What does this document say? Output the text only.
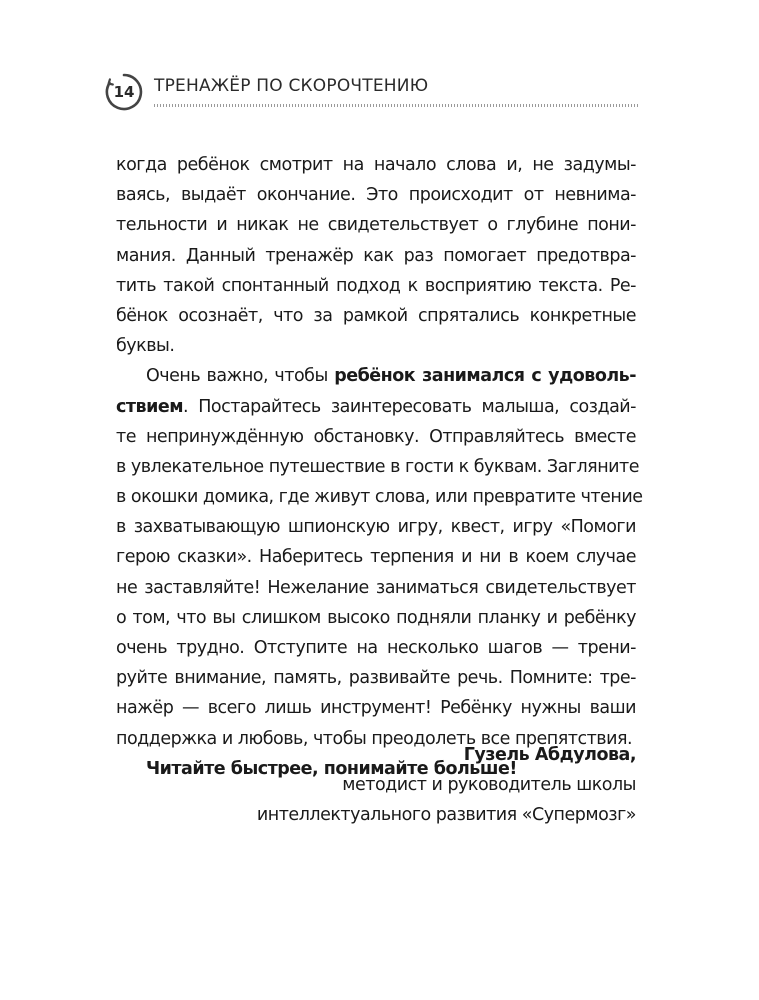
14	ТРЕНАЖЁР ПО СКОРОЧТЕНИЮ
когда ребёнок смотрит на начало слова и, не задумы-
ваясь, выдаёт окончание. Это происходит от невнима-
тельности и никак не свидетельствует о глубине пони-
мания. Данный тренажёр как раз помогает предотвра-
тить такой спонтанный подход к восприятию текста. Ре-
бёнок осознаёт, что за рамкой спрятались конкретные
буквы.
Очень важно, чтобы ребёнок занимался с удоволь-
ствием. Постарайтесь заинтересовать малыша, создай-
те непринуждённую обстановку. Отправляйтесь вместе
в увлекательное путешествие в гости к буквам. Загляните
в окошки домика, где живут слова, или превратите чтение
в захватывающую шпионскую игру, квест, игру «Помоги
герою сказки». Наберитесь терпения и ни в коем случае
не заставляйте! Нежелание заниматься свидетельствует
о том, что вы слишком высоко подняли планку и ребёнку
очень трудно. Отступите на несколько шагов — трени-
руйте внимание, память, развивайте речь. Помните: тре-
нажёр — всего лишь инструмент! Ребёнку нужны ваши
поддержка и любовь, чтобы преодолеть все препятствия.
Читайте быстрее, понимайте больше!
Гузель Абдулова,
методист и руководитель школы
интеллектуального развития «Супермозг»
